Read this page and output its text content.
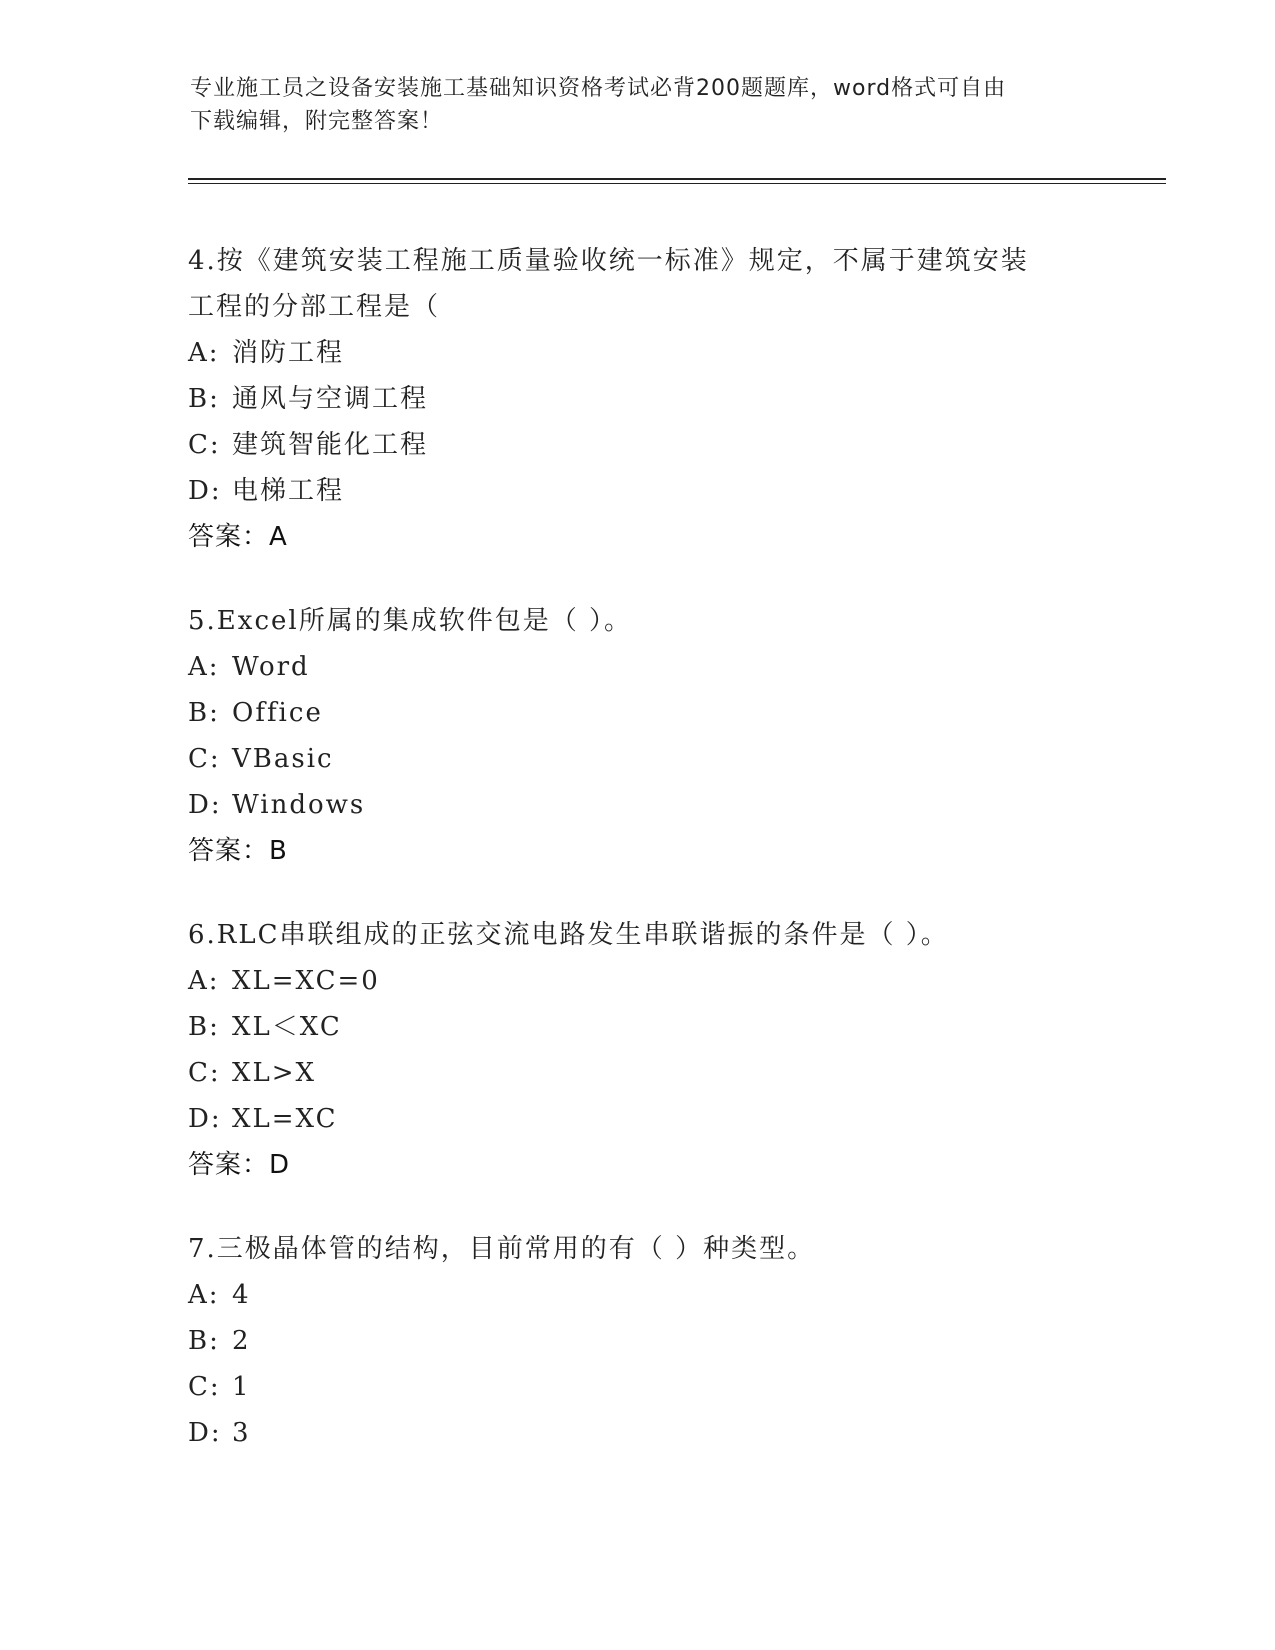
专业施工员之设备安装施工基础知识资格考试必背200题题库，word格式可自由
下载编辑，附完整答案！
4.按《建筑安装工程施工质量验收统一标准》规定，不属于建筑安装
工程的分部工程是（
A: 消防工程
B: 通风与空调工程
C: 建筑智能化工程
D: 电梯工程
答案：A
5.Excel所属的集成软件包是（ ）。
A: Word
B: Office
C: VBasic
D: Windows
答案：B
6.RLC串联组成的正弦交流电路发生串联谐振的条件是（ ）。
A: XL=XC=0
B: XL＜XC
C: XL>X
D: XL=XC
答案：D
7.三极晶体管的结构，目前常用的有（ ）种类型。
A: 4
B: 2
C: 1
D: 3
